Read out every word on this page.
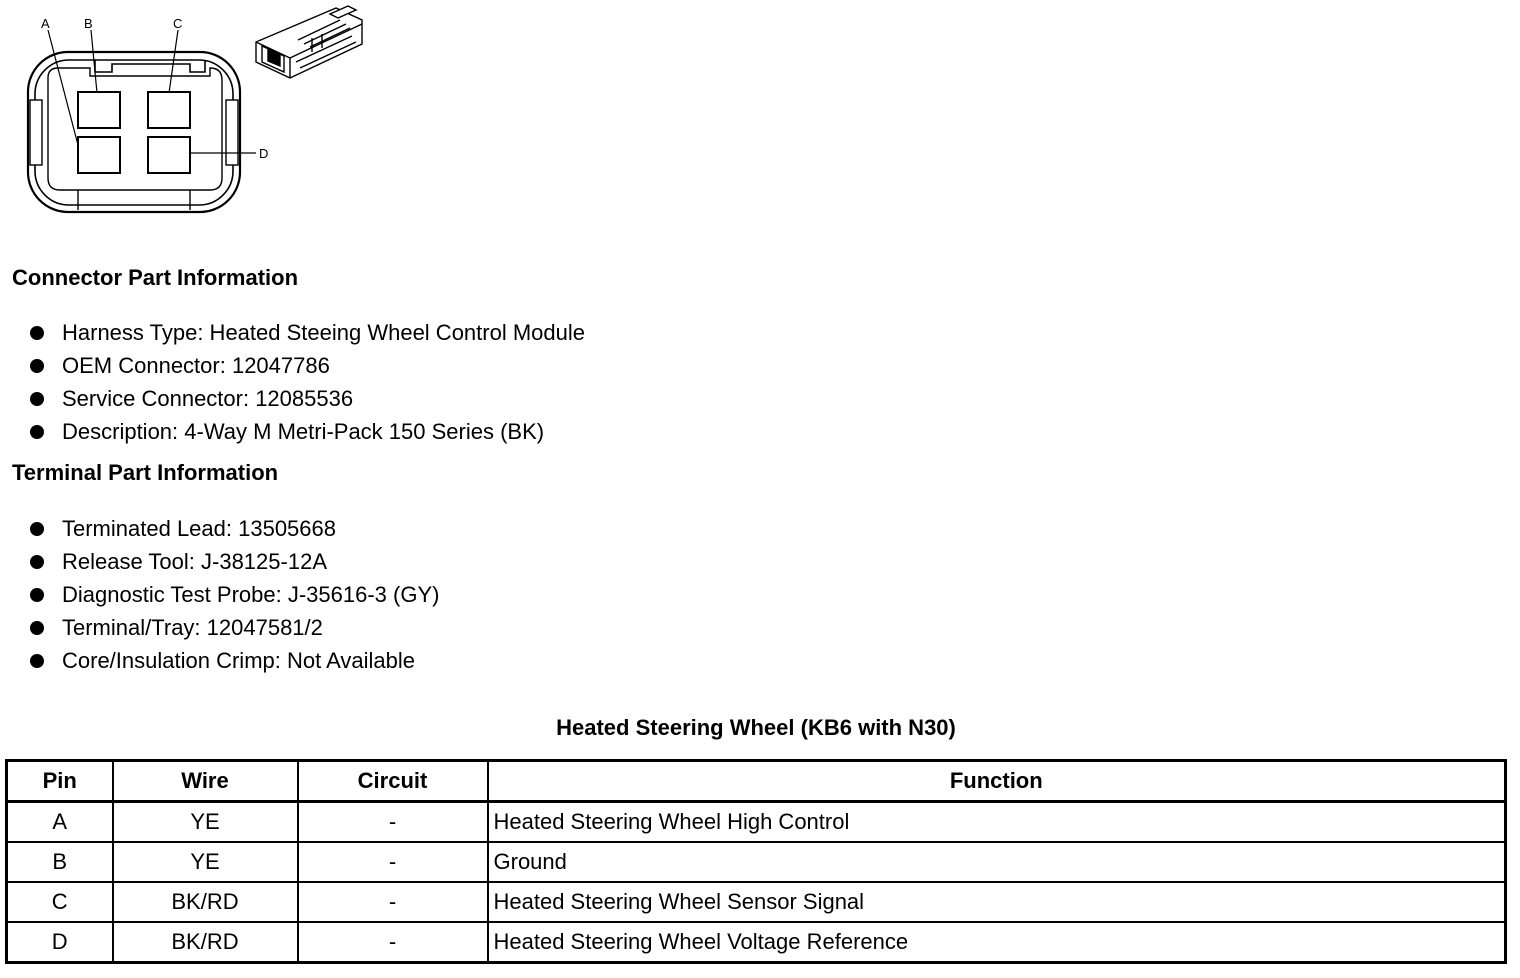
A	B	C
D
Connector Part Information
Harness Type: Heated Steeing Wheel Control Module
OEM Connector: 12047786
Service Connector: 12085536
Description: 4-Way M Metri-Pack 150 Series (BK)
Terminal Part Information
Terminated Lead: 13505668
Release Tool: J-38125-12A
Diagnostic Test Probe: J-35616-3 (GY)
Terminal/Tray: 12047581/2
Core/Insulation Crimp: Not Available
Heated Steering Wheel (KB6 with N30)
Pin	Wire	Circuit	Function
A	YE	-	Heated Steering Wheel High Control
B	YE	-	Ground
C	BK/RD	-	Heated Steering Wheel Sensor Signal
D	BK/RD	-	Heated Steering Wheel Voltage Reference
